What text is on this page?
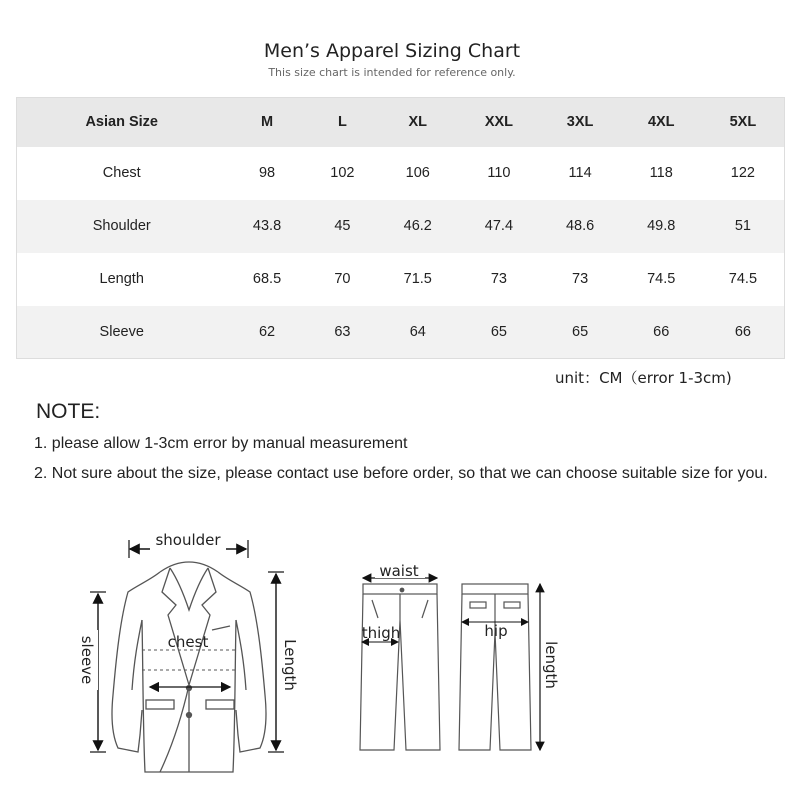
Men’s Apparel Sizing Chart
This size chart is intended for reference only.
Asian Size	M	L	XL	XXL	3XL	4XL	5XL
Chest	98	102	106	110	114	118	122
Shoulder	43.8	45	46.2	47.4	48.6	49.8	51
Length	68.5	70	71.5	73	73	74.5	74.5
Sleeve	62	63	64	65	65	66	66
unit：CM（error 1-3cm)
NOTE:
1. please allow 1-3cm error by manual measurement
2. Not sure about the size, please contact use before order, so that we can choose suitable size for you.
shoulder
chest
sleeve	Length
waist
thigh	hip
length
